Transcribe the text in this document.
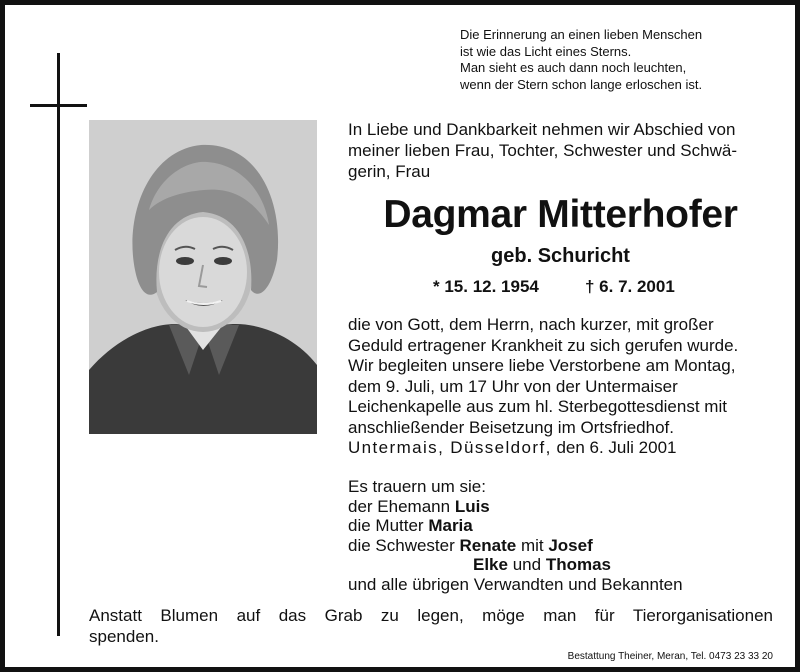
Die Erinnerung an einen lieben Menschen
ist wie das Licht eines Sterns.
Man sieht es auch dann noch leuchten,
wenn der Stern schon lange erloschen ist.
In Liebe und Dankbarkeit nehmen wir Abschied von
meiner lieben Frau, Tochter, Schwester und Schwä-
gerin, Frau
Dagmar Mitterhofer
geb. Schuricht
* 15. 12. 1954	† 6. 7. 2001
die von Gott, dem Herrn, nach kurzer, mit großer
Geduld ertragener Krankheit zu sich gerufen wurde.
Wir begleiten unsere liebe Verstorbene am Montag,
dem 9. Juli, um 17 Uhr von der Untermaiser
Leichenkapelle aus zum hl. Sterbegottesdienst mit
anschließender Beisetzung im Ortsfriedhof.
Untermais, Düsseldorf, den 6. Juli 2001
Es trauern um sie:
der Ehemann Luis
die Mutter Maria
die Schwester Renate mit Josef
Elke und Thomas
und alle übrigen Verwandten und Bekannten
Anstatt Blumen auf das Grab zu legen, möge man für Tierorganisationen
spenden.
Bestattung Theiner, Meran, Tel. 0473 23 33 20
